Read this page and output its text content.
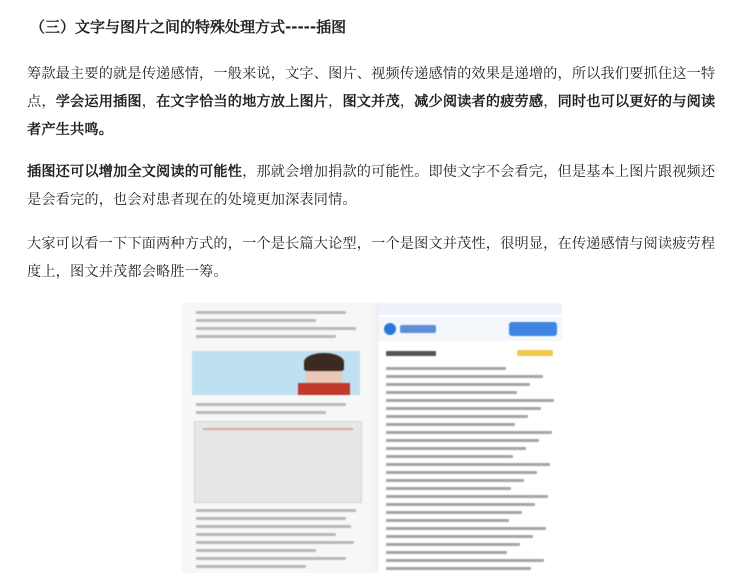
（三）文字与图片之间的特殊处理方式-----插图
筹款最主要的就是传递感情，一般来说，文字、图片、视频传递感情的效果是递增的，所以我们要抓住这一特点，学会运用插图，在文字恰当的地方放上图片，图文并茂，减少阅读者的疲劳感，同时也可以更好的与阅读者产生共鸣。
插图还可以增加全文阅读的可能性，那就会增加捐款的可能性。即使文字不会看完，但是基本上图片跟视频还是会看完的，也会对患者现在的处境更加深表同情。
大家可以看一下下面两种方式的，一个是长篇大论型，一个是图文并茂性，很明显，在传递感情与阅读疲劳程度上，图文并茂都会略胜一筹。
